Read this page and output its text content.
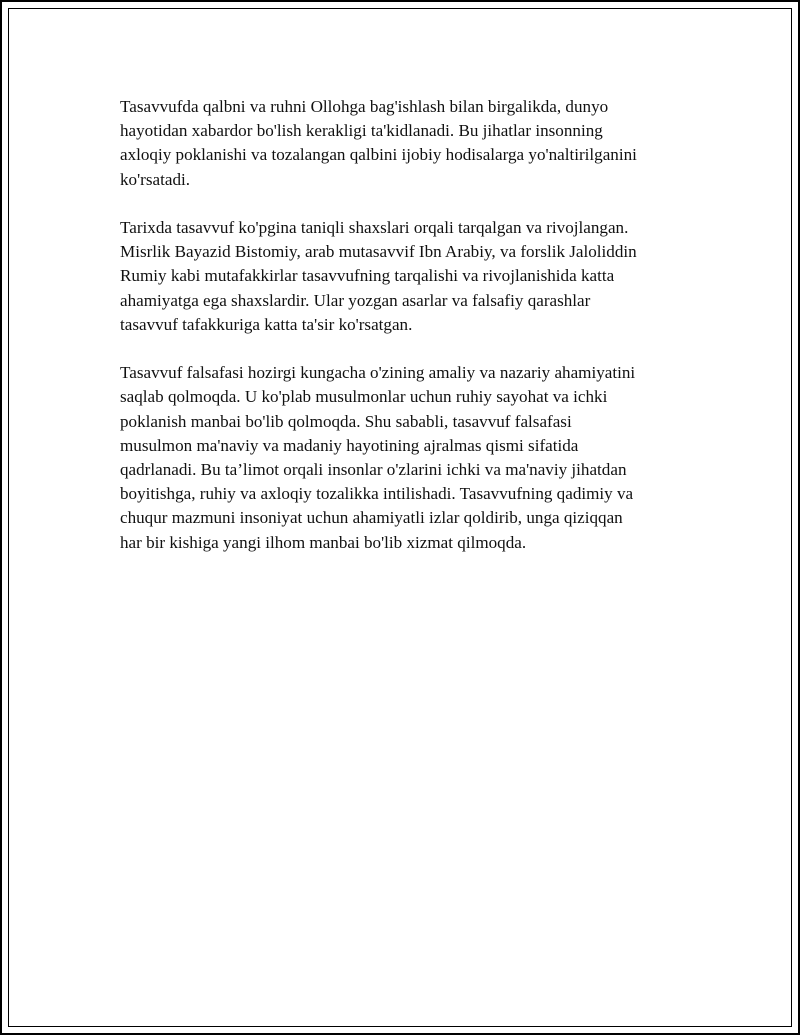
Tasavvufda qalbni va ruhni Ollohga bag'ishlash bilan birgalikda, dunyo
hayotidan xabardor bo'lish kerakligi ta'kidlanadi. Bu jihatlar insonning
axloqiy poklanishi va tozalangan qalbini ijobiy hodisalarga yo'naltirilganini
ko'rsatadi.

Tarixda tasavvuf ko'pgina taniqli shaxslari orqali tarqalgan va rivojlangan.
Misrlik Bayazid Bistomiy, arab mutasavvif Ibn Arabiy, va forslik Jaloliddin
Rumiy kabi mutafakkirlar tasavvufning tarqalishi va rivojlanishida katta
ahamiyatga ega shaxslardir. Ular yozgan asarlar va falsafiy qarashlar
tasavvuf tafakkuriga katta ta'sir ko'rsatgan.

Tasavvuf falsafasi hozirgi kungacha o'zining amaliy va nazariy ahamiyatini
saqlab qolmoqda. U ko'plab musulmonlar uchun ruhiy sayohat va ichki
poklanish manbai bo'lib qolmoqda. Shu sababli, tasavvuf falsafasi
musulmon ma'naviy va madaniy hayotining ajralmas qismi sifatida
qadrlanadi. Bu ta’limot orqali insonlar o'zlarini ichki va ma'naviy jihatdan
boyitishga, ruhiy va axloqiy tozalikka intilishadi. Tasavvufning qadimiy va
chuqur mazmuni insoniyat uchun ahamiyatli izlar qoldirib, unga qiziqqan
har bir kishiga yangi ilhom manbai bo'lib xizmat qilmoqda.
